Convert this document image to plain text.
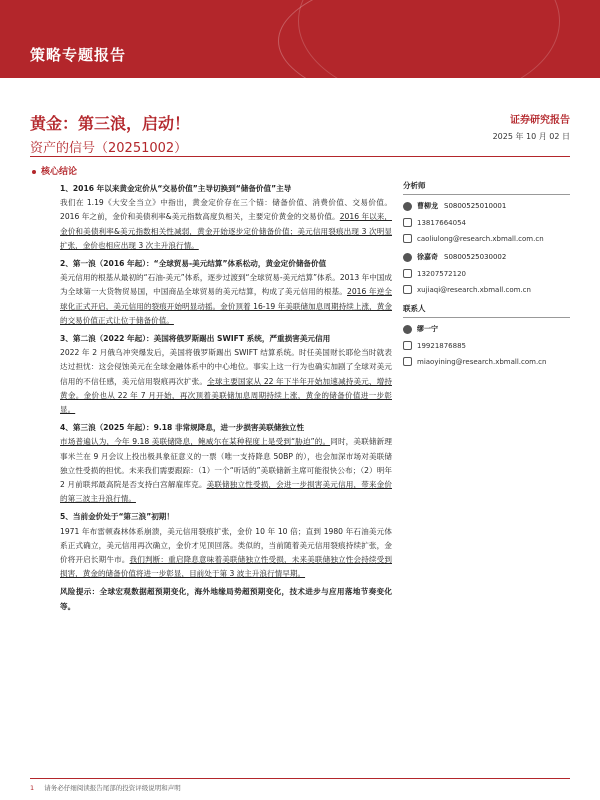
策略专题报告
黄金：第三浪，启动！
资产的信号（20251002）
证券研究报告
2025 年 10 月 02 日
核心结论
1、2016 年以来黄金定价从“交易价值”主导切换到“储备价值”主导

我们在 1.19《大安全当立》中指出，黄金定价存在三个锚：储备价值、消费价值、交易价值。2016 年之前，金价和美债利率&美元指数高度负相关，主要定价黄金的交易价值。2016 年以来，金价和美债利率&美元指数相关性减弱，黄金开始逐步定价储备价值；美元信用裂痕出现 3 次明显扩张，金价也相应出现 3 次主升浪行情。

2、第一浪（2016 年起）：“全球贸易-美元结算”体系松动，黄金定价储备价值

美元信用的根基从最初的“石油-美元”体系，逐步过渡到“全球贸易-美元结算”体系。2013 年中国成为全球第一大货物贸易国，中国商品全球贸易的美元结算，构成了美元信用的根基。2016 年逆全球化正式开启，美元信用的裂痕开始明显动摇。金价顶着 16-19 年美联储加息周期持续上涨，黄金的交易价值正式让位于储备价值。

3、第二浪（2022 年起）：美国将俄罗斯踢出 SWIFT 系统，严重损害美元信用

2022 年 2 月俄乌冲突爆发后，美国将俄罗斯踢出 SWIFT 结算系统。时任美国财长耶伦当时就表达过担忧：这会侵蚀美元在全球金融体系中的中心地位。事实上这一行为也确实加剧了全球对美元信用的不信任感，美元信用裂痕再次扩张。全球主要国家从 22 年下半年开始加速减持美元、增持黄金。金价也从 22 年 7 月开始，再次顶着美联储加息周期持续上涨，黄金的储备价值进一步彰显。

4、第三浪（2025 年起）：9.18 非常规降息，进一步损害美联储独立性

市场普遍认为，今年 9.18 美联储降息，鲍威尔在某种程度上是受到“胁迫”的。同时，美联储新理事米兰在 9 月会议上投出极具象征意义的一票（唯一支持降息 50BP 的），也会加深市场对美联储独立性受损的担忧。未来我们需要跟踪：（1）一个“听话的”美联储新主席可能很快公布；（2）明年 2 月前联邦最高院是否支持白宫解雇库克。美联储独立性受损，会进一步损害美元信用，带来金价的第三波主升浪行情。

5、当前金价处于“第三浪”初期！

1971 年布雷顿森林体系崩溃，美元信用裂痕扩张，金价 10 年 10 倍；直到 1980 年石油美元体系正式确立，美元信用再次确立，金价才见顶回落。类似的，当前随着美元信用裂痕持续扩张，金价将开启长期牛市。我们判断：重启降息意味着美联储独立性受损，未来美联储独立性会持续受到损害，黄金的储备价值将进一步彰显，目前处于第 3 波主升浪行情早期。

风险提示：全球宏观数据超预期变化，海外地缘局势超预期变化，技术进步与应用落地节奏变化等。

分析师
曹柳龙 S0800525010001
13817664054
caoliulong@research.xbmall.com.cn
徐嘉奇 S0800525030002
13207572120
xujiaqi@research.xbmall.com.cn
联系人
缪一宁
19921876885
miaoyining@research.xbmall.com.cn
1 请务必仔细阅读报告尾部的投资评级说明和声明
